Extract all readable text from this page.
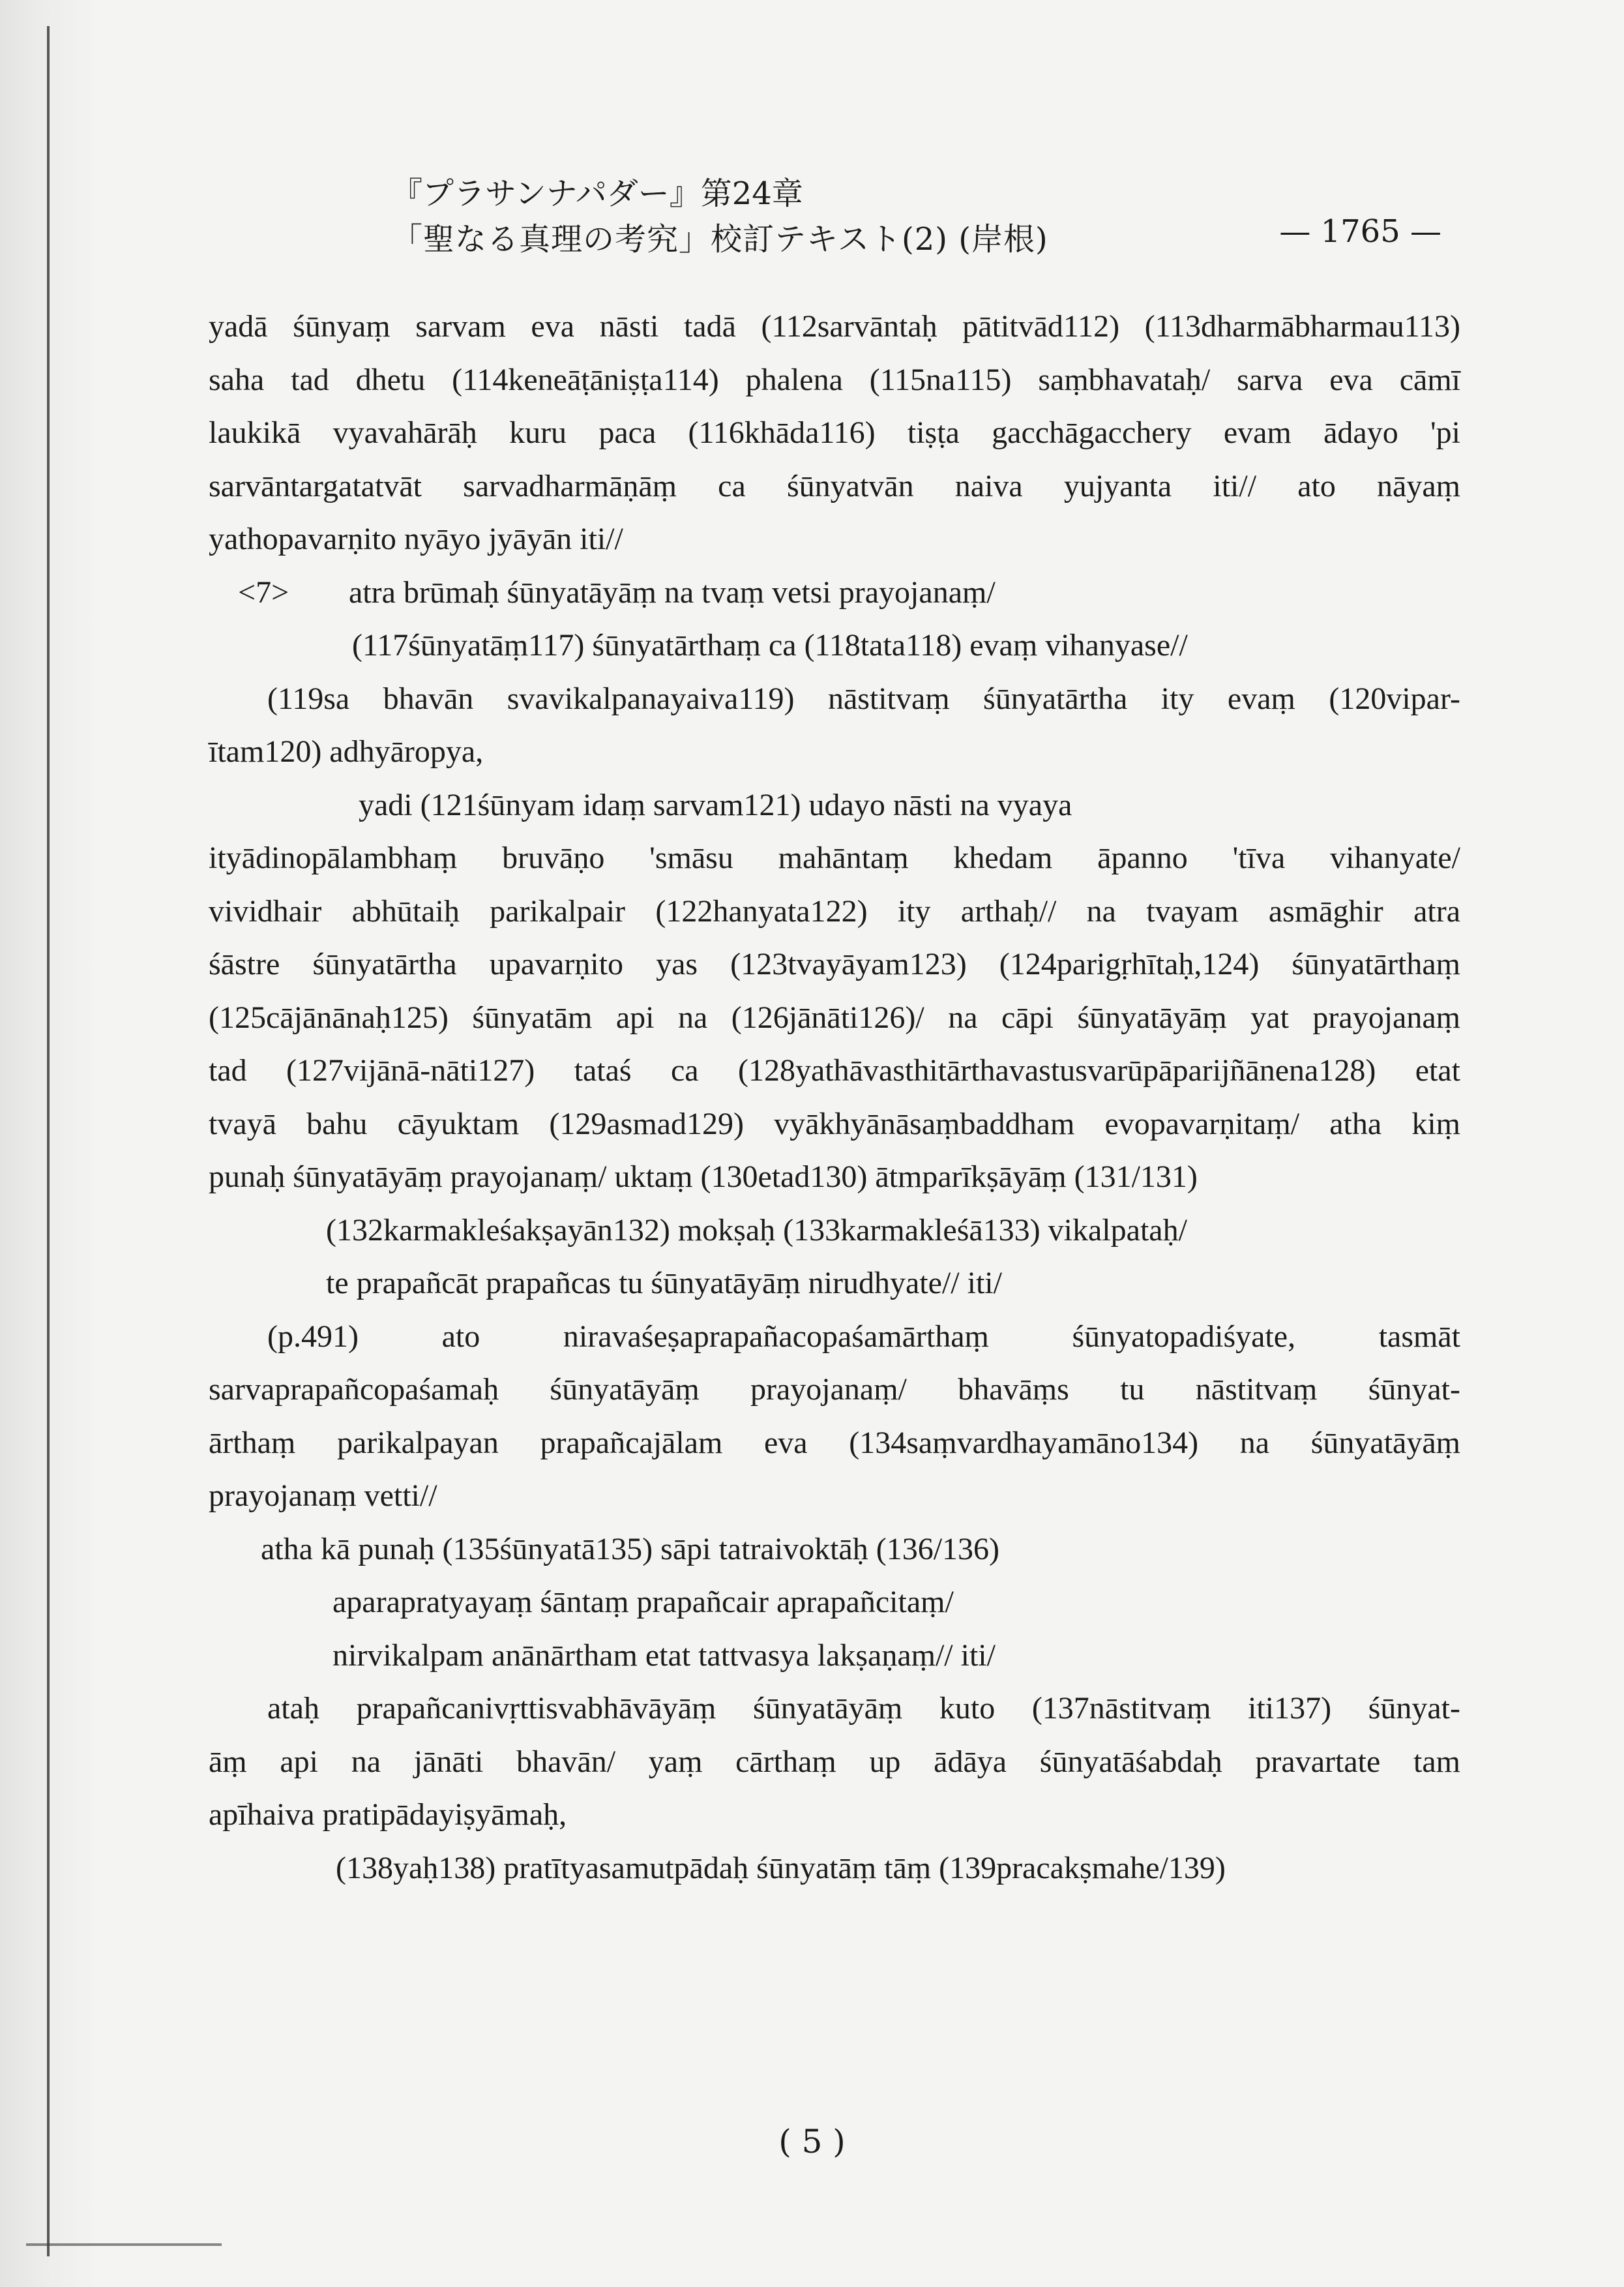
『プラサンナパダー』第24章
「聖なる真理の考究」校訂テキスト(2) (岸根)	— 1765 —
yadā śūnyaṃ sarvam eva nāsti tadā (112sarvāntaḥ pātitvād112) (113dharmābharmau113)
saha tad dhetu (114keneāṭāniṣṭa114) phalena (115na115) saṃbhavataḥ/ sarva eva cāmī
laukikā vyavahārāḥ kuru paca (116khāda116) tiṣṭa gacchāgacchery evam ādayo 'pi
sarvāntargatatvāt sarvadharmāṇāṃ ca śūnyatvān naiva yujyanta iti// ato nāyaṃ
yathopavarṇito nyāyo jyāyān iti//
<7> atra brūmaḥ śūnyatāyāṃ na tvaṃ vetsi prayojanaṃ/
(117śūnyatāṃ117) śūnyatārthaṃ ca (118tata118) evaṃ vihanyase//
(119sa bhavān svavikalpanayaiva119) nāstitvaṃ śūnyatārtha ity evaṃ (120vipar-
ītam120) adhyāropya,
yadi (121śūnyam idaṃ sarvam121) udayo nāsti na vyaya
ityādinopālambhaṃ bruvāṇo 'smāsu mahāntaṃ khedam āpanno 'tīva vihanyate/
vividhair abhūtaiḥ parikalpair (122hanyata122) ity arthaḥ// na tvayam asmāghir atra
śāstre śūnyatārtha upavarṇito yas (123tvayāyam123) (124parigṛhītaḥ,124) śūnyatārthaṃ
(125cājānānaḥ125) śūnyatām api na (126jānāti126)/ na cāpi śūnyatāyāṃ yat prayojanaṃ
tad (127vijānā-nāti127) tataś ca (128yathāvasthitārthavastusvarūpāparijñānena128) etat
tvayā bahu cāyuktam (129asmad129) vyākhyānāsaṃbaddham evopavarṇitaṃ/ atha kiṃ
punaḥ śūnyatāyāṃ prayojanaṃ/ uktaṃ (130etad130) ātmparīkṣāyāṃ (131/131)
(132karmakleśakṣayān132) mokṣaḥ (133karmakleśā133) vikalpataḥ/
te prapañcāt prapañcas tu śūnyatāyāṃ nirudhyate// iti/
(p.491) ato niravaśeṣaprapañacopaśamārthaṃ śūnyatopadiśyate, tasmāt
sarvaprapañcopaśamaḥ śūnyatāyāṃ prayojanaṃ/ bhavāṃs tu nāstitvaṃ śūnyat-
ārthaṃ parikalpayan prapañcajālam eva (134saṃvardhayamāno134) na śūnyatāyāṃ
prayojanaṃ vetti//
atha kā punaḥ (135śūnyatā135) sāpi tatraivoktāḥ (136/136)
aparapratyayaṃ śāntaṃ prapañcair aprapañcitaṃ/
nirvikalpam anānārtham etat tattvasya lakṣaṇaṃ// iti/
ataḥ prapañcanivṛttisvabhāvāyāṃ śūnyatāyāṃ kuto (137nāstitvaṃ iti137) śūnyat-
āṃ api na jānāti bhavān/ yaṃ cārthaṃ up ādāya śūnyatāśabdaḥ pravartate tam
apīhaiva pratipādayiṣyāmaḥ,
(138yaḥ138) pratītyasamutpādaḥ śūnyatāṃ tāṃ (139pracakṣmahe/139)
( 5 )
